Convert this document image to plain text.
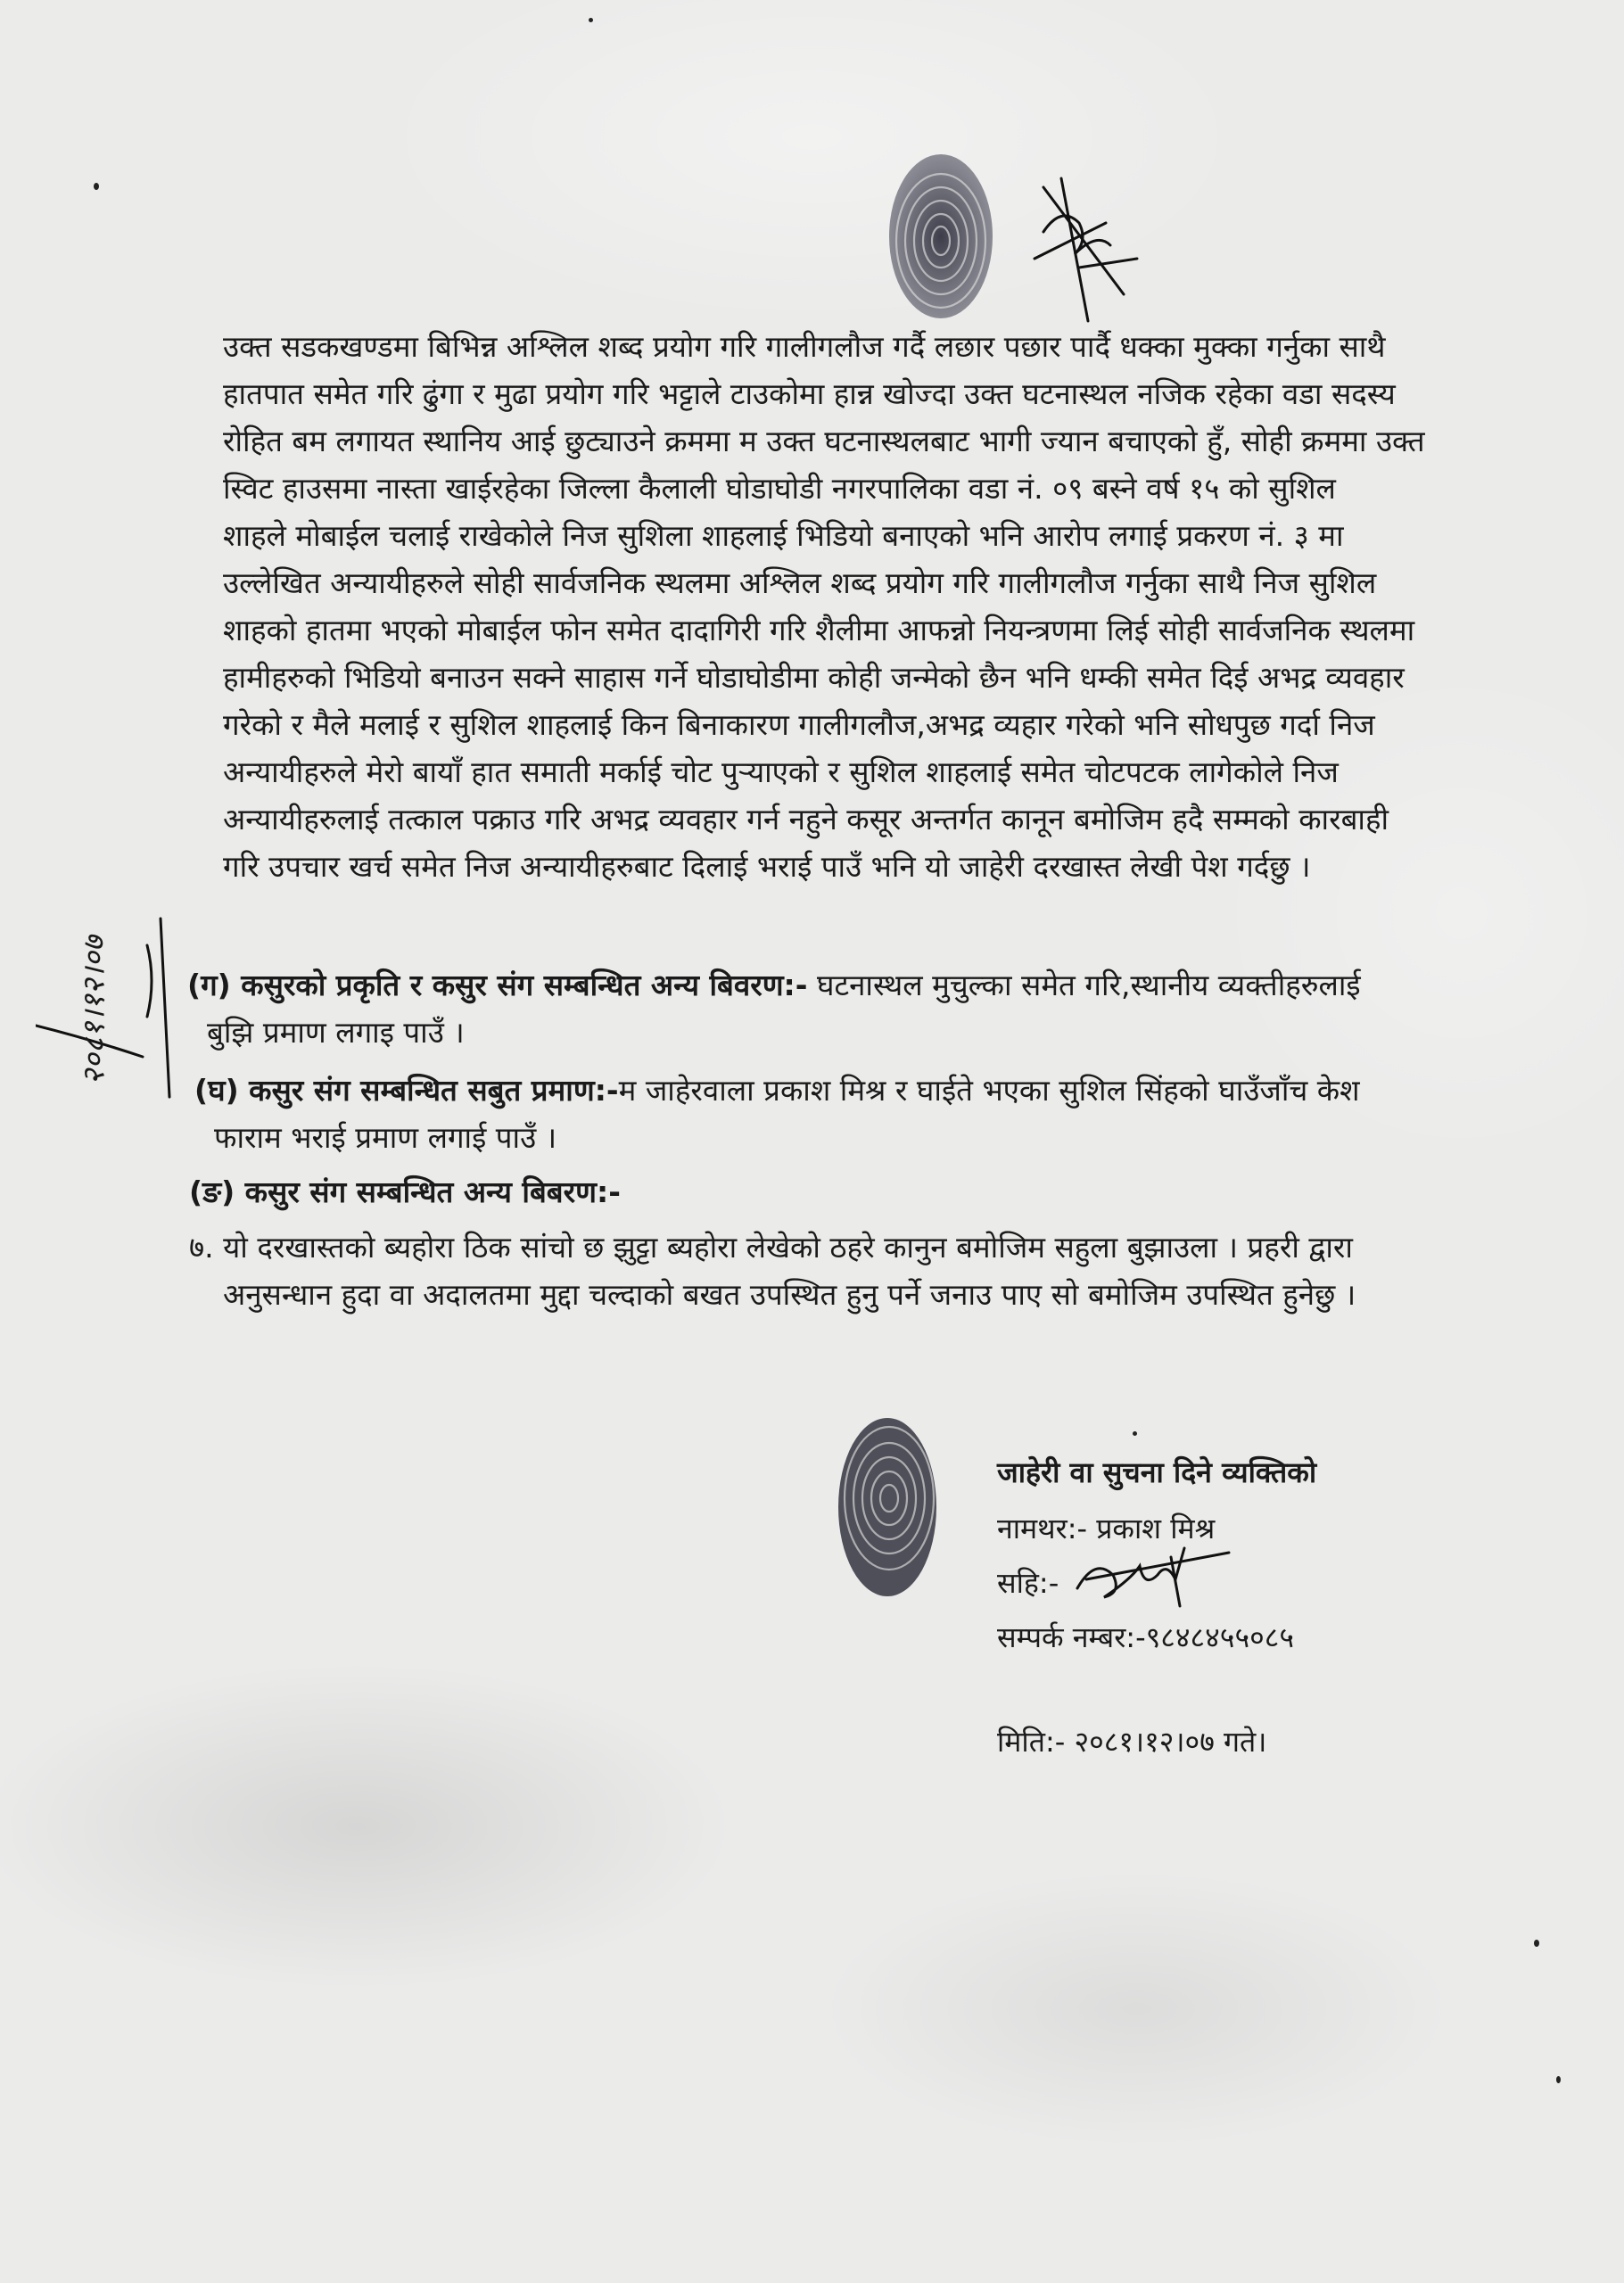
उक्त सडकखण्डमा बिभिन्न अश्लिल शब्द प्रयोग गरि गालीगलौज गर्दै लछार पछार पार्दै धक्का मुक्का गर्नुका साथै
हातपात समेत गरि ढुंगा र मुढा प्रयोग गरि भट्टाले टाउकोमा हान्न खोज्दा उक्त घटनास्थल नजिक रहेका वडा सदस्य
रोहित बम लगायत स्थानिय आई छुट्याउने क्रममा म उक्त घटनास्थलबाट भागी ज्यान बचाएको हुँ, सोही क्रममा उक्त
स्विट हाउसमा नास्ता खाईरहेका जिल्ला कैलाली घोडाघोडी नगरपालिका वडा नं. ०९ बस्ने वर्ष १५ को सुशिल
शाहले मोबाईल चलाई राखेकोले निज सुशिला शाहलाई भिडियो बनाएको भनि आरोप लगाई प्रकरण नं. ३ मा
उल्लेखित अन्यायीहरुले सोही सार्वजनिक स्थलमा अश्लिल शब्द प्रयोग गरि गालीगलौज गर्नुका साथै निज सुशिल
शाहको हातमा भएको मोबाईल फोन समेत दादागिरी गरि शैलीमा आफन्नो नियन्त्रणमा लिई सोही सार्वजनिक स्थलमा
हामीहरुको भिडियो बनाउन सक्ने साहास गर्ने घोडाघोडीमा कोही जन्मेको छैन भनि धम्की समेत दिई अभद्र व्यवहार
गरेको र मैले मलाई र सुशिल शाहलाई किन बिनाकारण गालीगलौज,अभद्र व्यहार गरेको भनि सोधपुछ गर्दा निज
अन्यायीहरुले मेरो बायाँ हात समाती मर्काई चोट पुऱ्याएको र सुशिल शाहलाई समेत चोटपटक लागेकोले निज
अन्यायीहरुलाई तत्काल पक्राउ गरि अभद्र व्यवहार गर्न नहुने कसूर अन्तर्गत कानून बमोजिम हदै सम्मको कारबाही
गरि उपचार खर्च समेत निज अन्यायीहरुबाट दिलाई भराई पाउँ भनि यो जाहेरी दरखास्त लेखी पेश गर्दछु ।
(ग) कसुरको प्रकृति र कसुर संग सम्बन्धित अन्य बिवरण:- घटनास्थल मुचुल्का समेत गरि,स्थानीय व्यक्तीहरुलाई
बुझि प्रमाण लगाइ पाउँ ।
(घ) कसुर संग सम्बन्धित सबुत प्रमाण:-म जाहेरवाला प्रकाश मिश्र र घाईते भएका सुशिल सिंहको घाउँजाँच केश
फाराम भराई प्रमाण लगाई पाउँ ।
(ङ) कसुर संग सम्बन्धित अन्य बिबरण:-
७. यो दरखास्तको ब्यहोरा ठिक सांचो छ झुट्टा ब्यहोरा लेखेको ठहरे कानुन बमोजिम सहुला बुझाउला । प्रहरी द्वारा
अनुसन्धान हुदा वा अदालतमा मुद्दा चल्दाको बखत उपस्थित हुनु पर्ने जनाउ पाए सो बमोजिम उपस्थित हुनेछु ।
२०८१।१२।०७
जाहेरी वा सुचना दिने व्यक्तिको
नामथर:- प्रकाश मिश्र
सहि:-
सम्पर्क नम्बर:-९८४८४५५०८५
मिति:- २०८१।१२।०७ गते।
